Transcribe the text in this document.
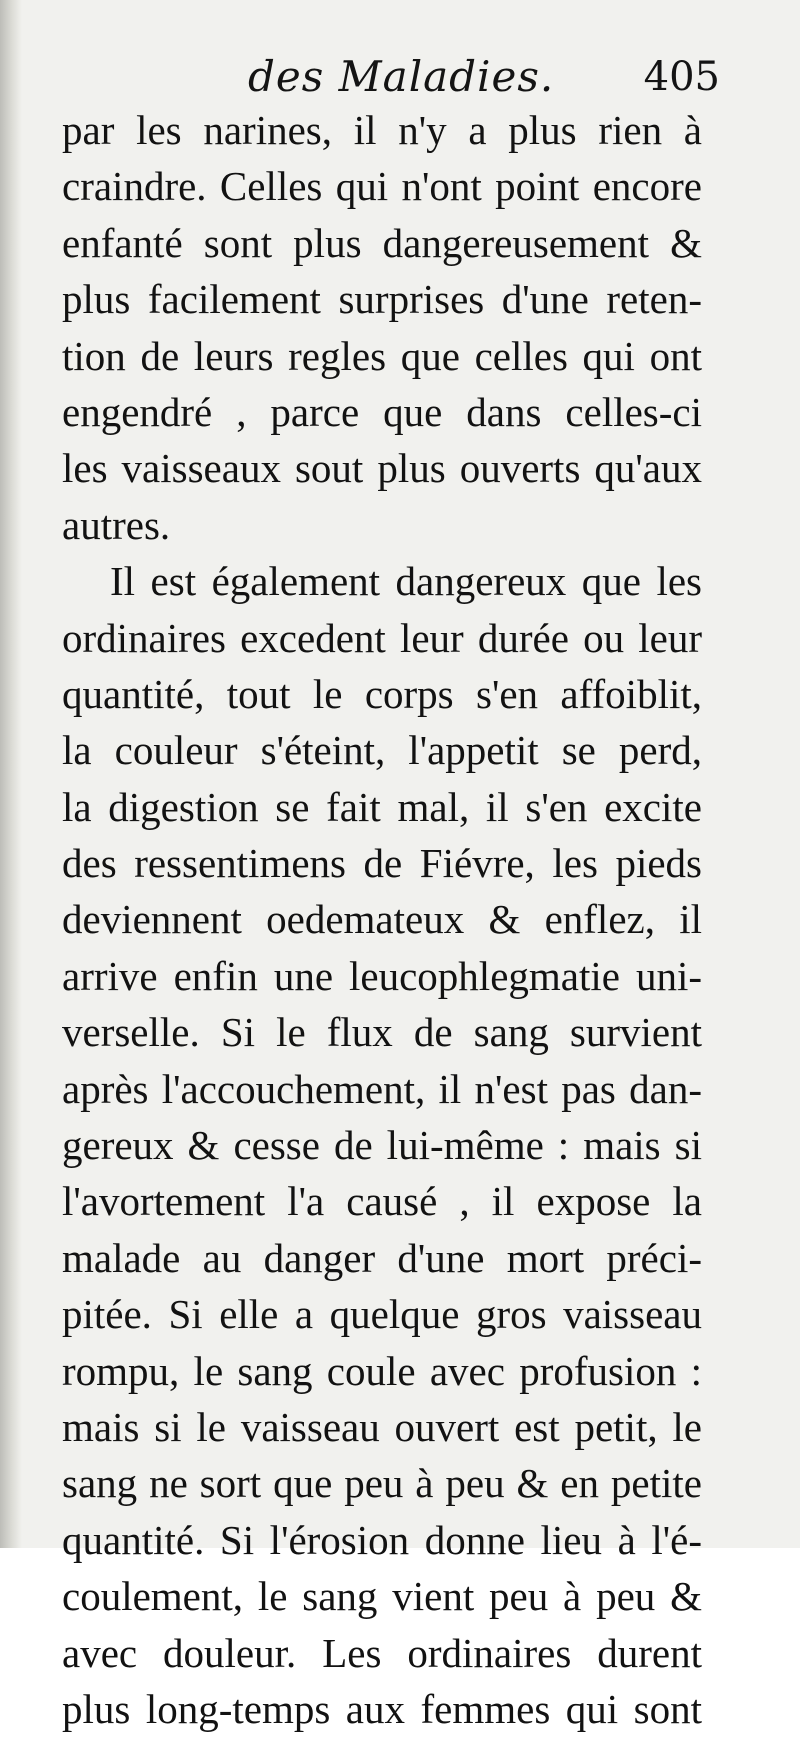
des Maladies. 405
par les narines, il n'y a plus rien à
craindre. Celles qui n'ont point encore
enfanté sont plus dangereusement &
plus facilement surprises d'une reten-
tion de leurs regles que celles qui ont
engendré , parce que dans celles-ci
les vaisseaux sout plus ouverts qu'aux
autres.
Il est également dangereux que les
ordinaires excedent leur durée ou leur
quantité, tout le corps s'en affoiblit,
la couleur s'éteint, l'appetit se perd,
la digestion se fait mal, il s'en excite
des ressentimens de Fiévre, les pieds
deviennent oedemateux & enflez, il
arrive enfin une leucophlegmatie uni-
verselle. Si le flux de sang survient
après l'accouchement, il n'est pas dan-
gereux & cesse de lui-même : mais si
l'avortement l'a causé , il expose la
malade au danger d'une mort préci-
pitée. Si elle a quelque gros vaisseau
rompu, le sang coule avec profusion :
mais si le vaisseau ouvert est petit, le
sang ne sort que peu à peu & en petite
quantité. Si l'érosion donne lieu à l'é-
coulement, le sang vient peu à peu &
avec douleur. Les ordinaires durent
plus long-temps aux femmes qui sont
